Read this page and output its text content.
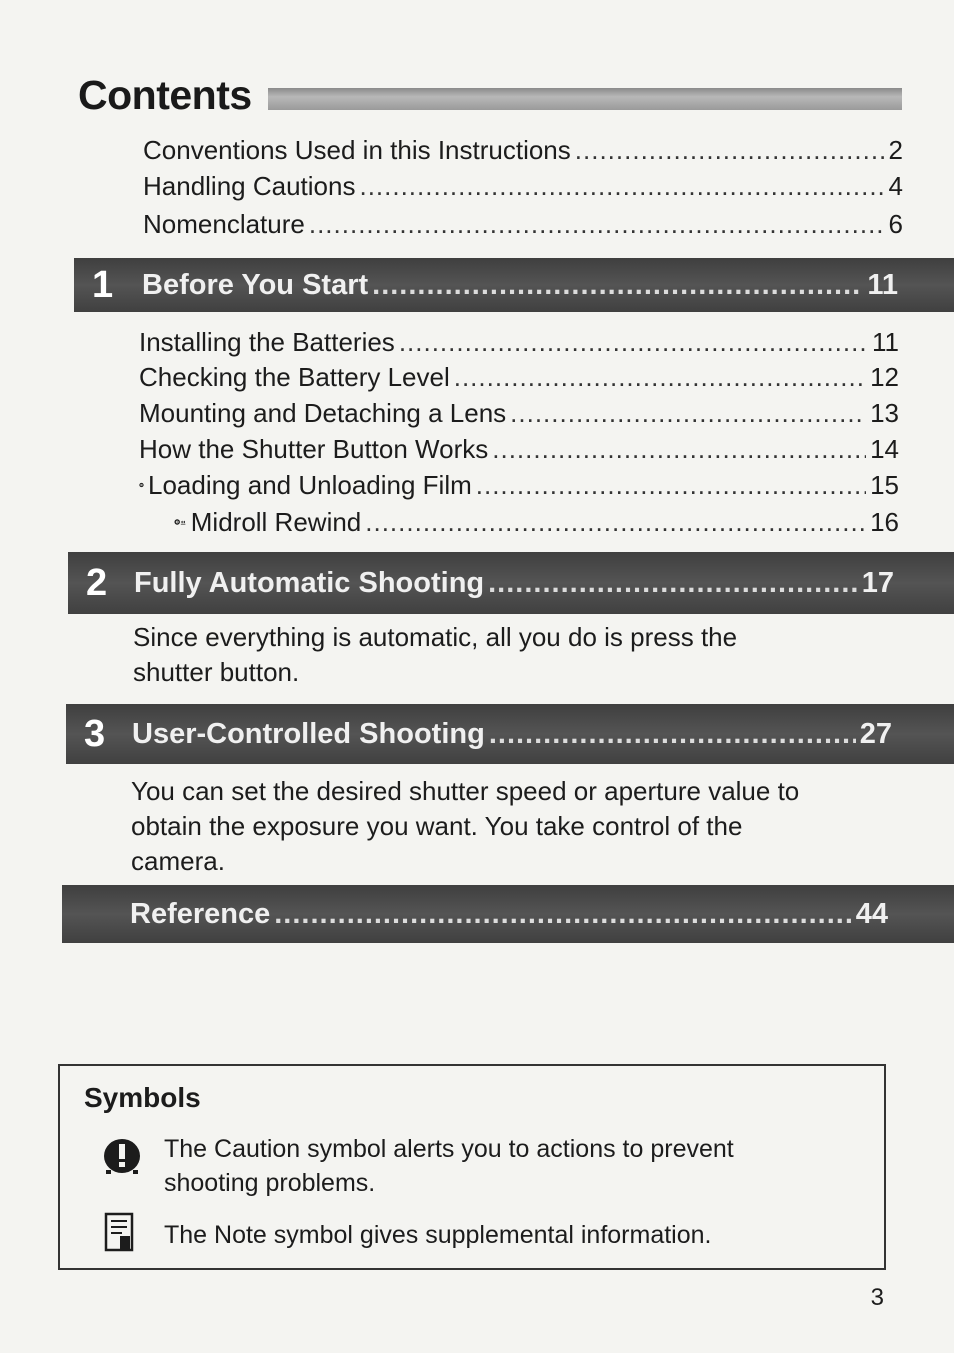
Contents
Conventions Used in this Instructions .....	2
Handling Cautions .....	4
Nomenclature .....	6
1 Before You Start .....	11
Installing the Batteries .....	11
Checking the Battery Level .....	12
Mounting and Detaching a Lens .....	13
How the Shutter Button Works .....	14
Loading and Unloading Film .....	15
Midroll Rewind .....	16
2 Fully Automatic Shooting .....	17
Since everything is automatic, all you do is press the
shutter button.
3 User-Controlled Shooting .....	27
You can set the desired shutter speed or aperture value to
obtain the exposure you want. You take control of the
camera.
Reference .....	44
Symbols
The Caution symbol alerts you to actions to prevent
shooting problems.
The Note symbol gives supplemental information.
3
